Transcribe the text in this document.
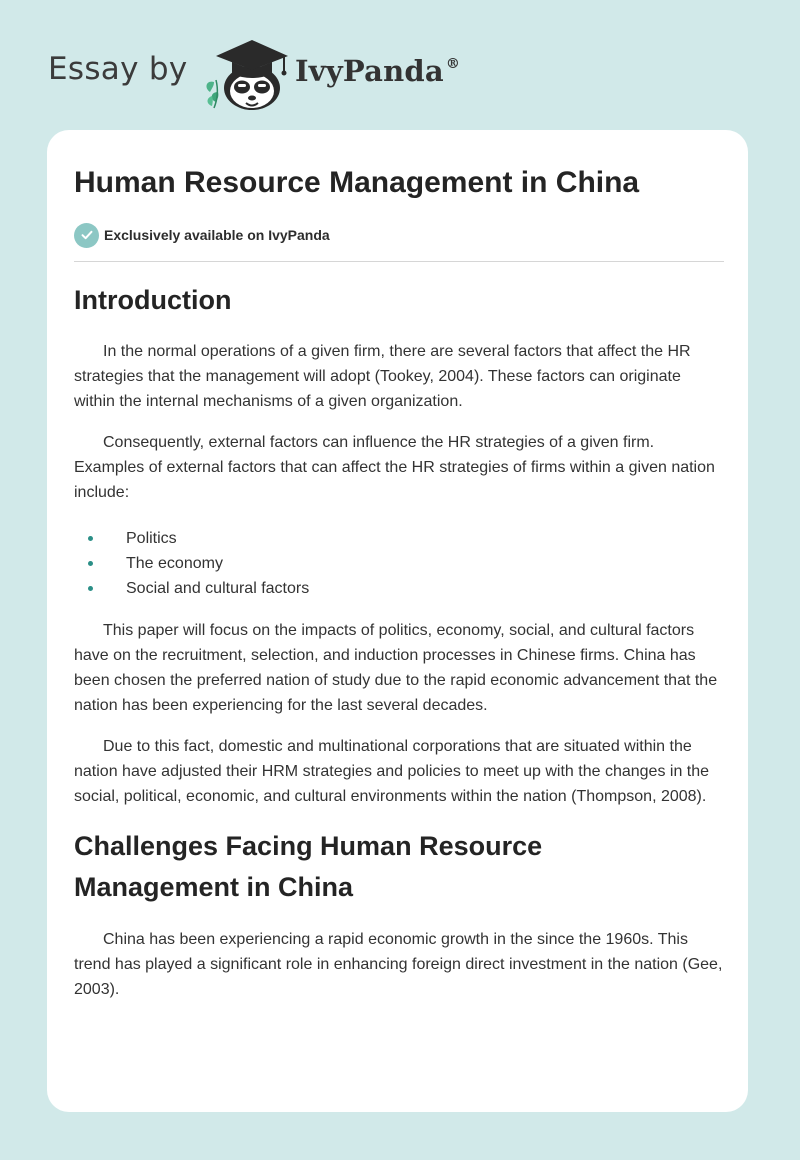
Essay by	IvyPanda ®
Human Resource Management in China
Exclusively available on IvyPanda
Introduction

In the normal operations of a given firm, there are several factors that affect the HR strategies that the management will adopt (Tookey, 2004). These factors can originate within the internal mechanisms of a given organization.

Consequently, external factors can influence the HR strategies of a given firm. Examples of external factors that can affect the HR strategies of firms within a given nation include:

Politics
The economy
Social and cultural factors

This paper will focus on the impacts of politics, economy, social, and cultural factors have on the recruitment, selection, and induction processes in Chinese firms. China has been chosen the preferred nation of study due to the rapid economic advancement that the nation has been experiencing for the last several decades.

Due to this fact, domestic and multinational corporations that are situated within the nation have adjusted their HRM strategies and policies to meet up with the changes in the social, political, economic, and cultural environments within the nation (Thompson, 2008).

Challenges Facing Human Resource Management in China

China has been experiencing a rapid economic growth in the since the 1960s. This trend has played a significant role in enhancing foreign direct investment in the nation (Gee, 2003).
